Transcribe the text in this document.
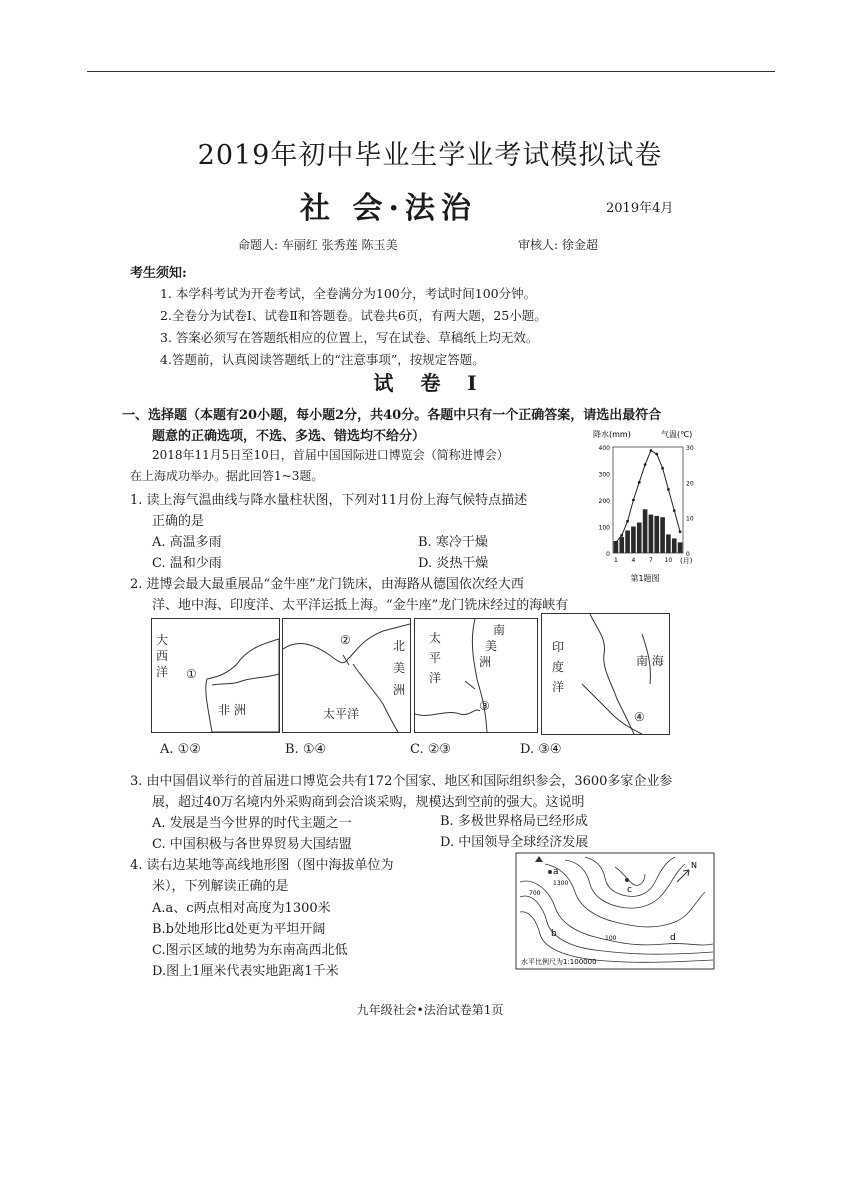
2019年初中毕业生学业考试模拟试卷
社 会·法治	2019年4月
命题人: 车丽红 张秀莲 陈玉美	审核人: 徐金超
考生须知:
1. 本学科考试为开卷考试，全卷满分为100分，考试时间100分钟。
2.全卷分为试卷Ⅰ、试卷Ⅱ和答题卷。试卷共6页，有两大题，25小题。
3. 答案必须写在答题纸相应的位置上，写在试卷、草稿纸上均无效。
4.答题前，认真阅读答题纸上的“注意事项”，按规定答题。
试 卷 Ⅰ
一、选择题（本题有20小题，每小题2分，共40分。各题中只有一个正确答案，请选出最符合
题意的正确选项，不选、多选、错选均不给分）
2018年11月5日至10日，首届中国国际进口博览会（简称进博会）
在上海成功举办。据此回答1~3题。
1. 读上海气温曲线与降水量柱状图，下列对11月份上海气候特点描述
正确的是
A. 高温多雨	B. 寒冷干燥
C. 温和少雨	D. 炎热干燥
降水(mm)	气温(℃)
0
100
200
300
400
0
10
20
30
1 4 7 10 (月)
第1题图
2. 进博会最大最重展品“金牛座”龙门铣床，由海路从德国依次经大西
洋、地中海、印度洋、太平洋运抵上海。“金牛座”龙门铣床经过的海峡有
大
西
洋 ①
非 洲
②	北
美
洲
太平洋
太
平
洋
南
美
洲
③
印
度
洋
南 海
④
A. ①②	B. ①④	C. ②③	D. ③④
3. 由中国倡议举行的首届进口博览会共有172个国家、地区和国际组织参会，3600多家企业参
展，超过40万名境内外采购商到会洽谈采购，规模达到空前的强大。这说明
A. 发展是当今世界的时代主题之一	B. 多极世界格局已经形成
C. 中国积极与各世界贸易大国结盟	D. 中国领导全球经济发展
4. 读右边某地等高线地形图（图中海拔单位为
米），下列解读正确的是
A.a、c两点相对高度为1300米
B.b处地形比d处更为平坦开阔
C.图示区域的地势为东南高西北低
D.图上1厘米代表实地距离1千米
a
1300
c
700
b	100	d
N
水平比例尺为1:100000
九年级社会•法治试卷第1页
